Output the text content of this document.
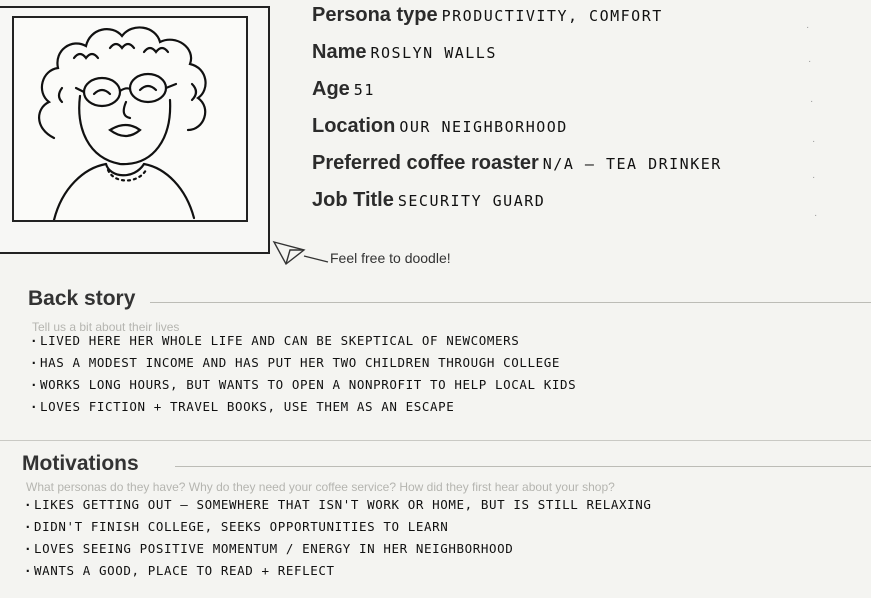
Persona type PRODUCTIVITY, COMFORT
Name ROSLYN WALLS
Age 51
Location OUR NEIGHBORHOOD
Preferred coffee roaster N/A – TEA DRINKER
Job Title SECURITY GUARD
·
·
·
·
·
·
Feel free to doodle!
Back story
Tell us a bit about their lives
· LIVED HERE HER WHOLE LIFE AND CAN BE SKEPTICAL OF NEWCOMERS
· HAS A MODEST INCOME AND HAS PUT HER TWO CHILDREN THROUGH COLLEGE
· WORKS LONG HOURS, BUT WANTS TO OPEN A NONPROFIT TO HELP LOCAL KIDS
· LOVES FICTION + TRAVEL BOOKS, USE THEM AS AN ESCAPE
Motivations
What personas do they have? Why do they need your coffee service? How did they first hear about your shop?
· LIKES GETTING OUT – SOMEWHERE THAT ISN'T WORK OR HOME, BUT IS STILL RELAXING
· DIDN'T FINISH COLLEGE, SEEKS OPPORTUNITIES TO LEARN
· LOVES SEEING POSITIVE MOMENTUM / ENERGY IN HER NEIGHBORHOOD
· WANTS A GOOD, PLACE TO READ + REFLECT
